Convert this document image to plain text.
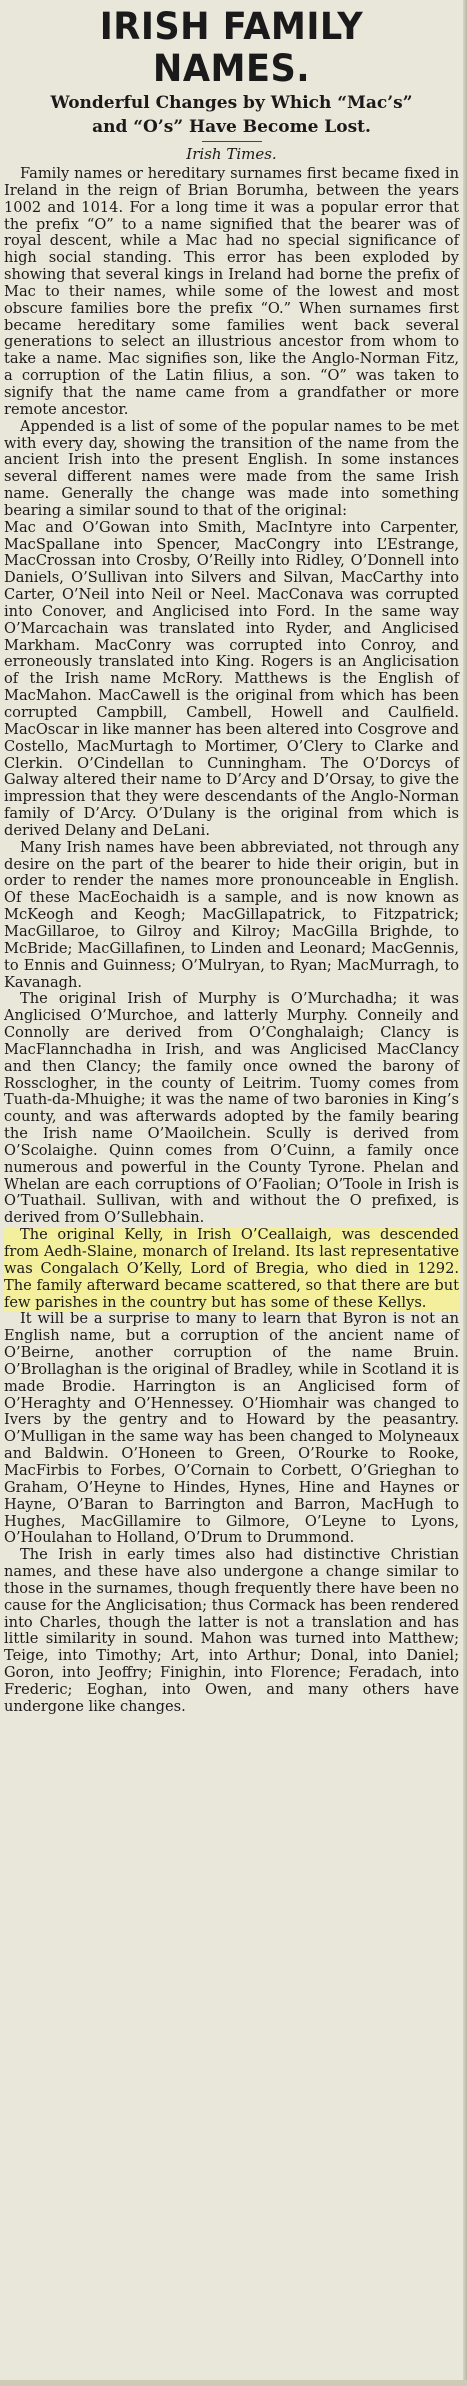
IRISH FAMILY NAMES.
Wonderful Changes by Which “Mac’s”
and “O’s” Have Become Lost.
Irish Times.

Family names or hereditary surnames first became fixed in Ireland in the reign of Brian Borumha, between the years 1002 and 1014. For a long time it was a popular error that the prefix “O” to a name signified that the bearer was of royal descent, while a Mac had no special significance of high social standing. This error has been exploded by showing that several kings in Ireland had borne the prefix of Mac to their names, while some of the lowest and most obscure families bore the prefix “O.” When surnames first became hereditary some families went back several generations to select an illustrious ancestor from whom to take a name. Mac signifies son, like the Anglo-Norman Fitz, a corruption of the Latin filius, a son. “O” was taken to signify that the name came from a grandfather or more remote ancestor.

Appended is a list of some of the popular names to be met with every day, showing the transition of the name from the ancient Irish into the present English. In some instances several different names were made from the same Irish name. Generally the change was made into something bearing a similar sound to that of the original:

Mac and O’Gowan into Smith, MacIntyre into Carpenter, MacSpallane into Spencer, MacCongry into L’Estrange, MacCrossan into Crosby, O’Reilly into Ridley, O’Donnell into Daniels, O’Sullivan into Silvers and Silvan, MacCarthy into Carter, O’Neil into Neil or Neel. MacConava was corrupted into Conover, and Anglicised into Ford. In the same way O’Marcachain was translated into Ryder, and Anglicised Markham. MacConry was corrupted into Conroy, and erroneously translated into King. Rogers is an Anglicisation of the Irish name McRory. Matthews is the English of MacMahon. MacCawell is the original from which has been corrupted Campbill, Cambell, Howell and Caulfield. MacOscar in like manner has been altered into Cosgrove and Costello, MacMurtagh to Mortimer, O’Clery to Clarke and Clerkin. O’Cindellan to Cunningham. The O’Dorcys of Galway altered their name to D’Arcy and D’Orsay, to give the impression that they were descendants of the Anglo-Norman family of D’Arcy. O’Dulany is the original from which is derived Delany and DeLani.

Many Irish names have been abbreviated, not through any desire on the part of the bearer to hide their origin, but in order to render the names more pronounceable in English. Of these MacEochaidh is a sample, and is now known as McKeogh and Keogh; MacGillapatrick, to Fitzpatrick; MacGillaroe, to Gilroy and Kilroy; MacGilla Brighde, to McBride; MacGillafinen, to Linden and Leonard; MacGennis, to Ennis and Guinness; O’Mulryan, to Ryan; MacMurragh, to Kavanagh.

The original Irish of Murphy is O’Murchadha; it was Anglicised O’Murchoe, and latterly Murphy. Conneily and Connolly are derived from O’Conghalaigh; Clancy is MacFlannchadha in Irish, and was Anglicised MacClancy and then Clancy; the family once owned the barony of Rossclogher, in the county of Leitrim. Tuomy comes from Tuath-da-Mhuighe; it was the name of two baronies in King’s county, and was afterwards adopted by the family bearing the Irish name O’Maoilchein. Scully is derived from O’Scolaighe. Quinn comes from O’Cuinn, a family once numerous and powerful in the County Tyrone. Phelan and Whelan are each corruptions of O’Faolian; O’Toole in Irish is O’Tuathail. Sullivan, with and without the O prefixed, is derived from O’Sullebhain.

The original Kelly, in Irish O’Ceallaigh, was descended from Aedh-Slaine, monarch of Ireland. Its last representative was Congalach O’Kelly, Lord of Bregia, who died in 1292. The family afterward became scattered, so that there are but few parishes in the country but has some of these Kellys.

It will be a surprise to many to learn that Byron is not an English name, but a corruption of the ancient name of O’Beirne, another corruption of the name Bruin. O’Brollaghan is the original of Bradley, while in Scotland it is made Brodie. Harrington is an Anglicised form of O’Heraghty and O’Hennessey. O’Hiomhair was changed to Ivers by the gentry and to Howard by the peasantry. O’Mulligan in the same way has been changed to Molyneaux and Baldwin. O’Honeen to Green, O’Rourke to Rooke, MacFirbis to Forbes, O’Cornain to Corbett, O’Grieghan to Graham, O’Heyne to Hindes, Hynes, Hine and Haynes or Hayne, O’Baran to Barrington and Barron, MacHugh to Hughes, MacGillamire to Gilmore, O’Leyne to Lyons, O’Houlahan to Holland, O’Drum to Drummond.

The Irish in early times also had distinctive Christian names, and these have also undergone a change similar to those in the surnames, though frequently there have been no cause for the Anglicisation; thus Cormack has been rendered into Charles, though the latter is not a translation and has little similarity in sound. Mahon was turned into Matthew; Teige, into Timothy; Art, into Arthur; Donal, into Daniel; Goron, into Jeoffry; Finighin, into Florence; Feradach, into Frederic; Eoghan, into Owen, and many others have undergone like changes.
